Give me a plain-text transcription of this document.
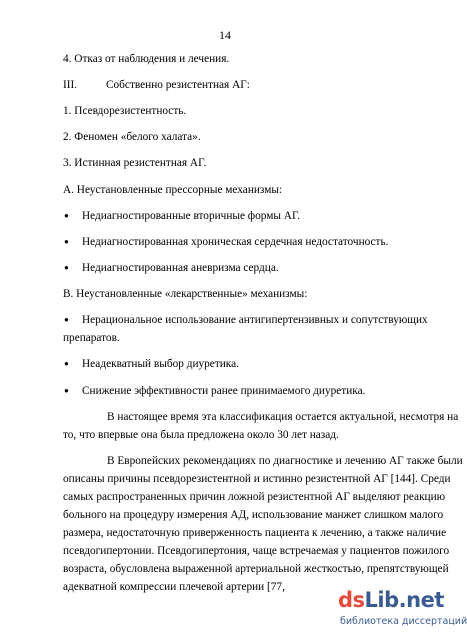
14
4. Отказ от наблюдения и лечения.
III.	Собственно резистентная АГ:
1. Псевдорезистентность.
2. Феномен «белого халата».
3. Истинная резистентная АГ.
A. Неустановленные прессорные механизмы:
● Недиагностированные вторичные формы АГ.
● Недиагностированная хроническая сердечная недостаточность.
● Недиагностированная аневризма сердца.
B. Неустановленные «лекарственные» механизмы:
● Нерациональное использование антигипертензивных и сопутствующих
препаратов.
● Неадекватный выбор диуретика.
● Снижение эффективности ранее принимаемого диуретика.
В настоящее время эта классификация остается актуальной, несмотря на
то, что впервые она была предложена около 30 лет назад.
В Европейских рекомендациях по диагностике и лечению АГ также были
описаны причины псевдорезистентной и истинно резистентной АГ [144]. Среди
самых распространенных причин ложной резистентной АГ выделяют реакцию
больного на процедуру измерения АД, использование манжет слишком малого
размера, недостаточную приверженность пациента к лечению, а также наличие
псевдогипертонии. Псевдогипертония, чаще встречаемая у пациентов пожилого
возраста, обусловлена выраженной артериальной жесткостью, препятствующей
адекватной компрессии плечевой артерии [77,
dsLib.net
библиотека диссертаций
